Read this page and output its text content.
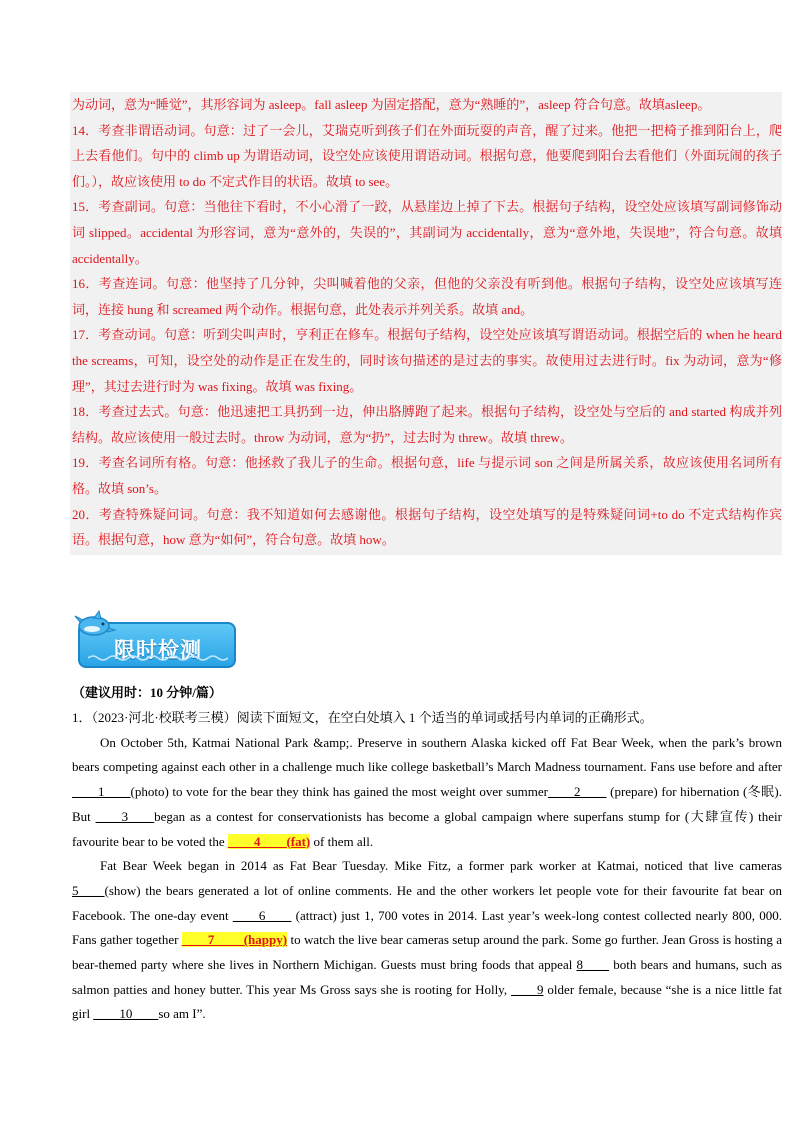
为动词，意为“睡觉”，其形容词为 asleep。fall asleep 为固定搭配，意为“熟睡的”，asleep 符合句意。故填asleep。

14．考查非谓语动词。句意：过了一会儿，艾瑞克听到孩子们在外面玩耍的声音，醒了过来。他把一把椅子推到阳台上，爬上去看他们。句中的 climb up 为谓语动词，设空处应该使用谓语动词。根据句意，他要爬到阳台去看他们（外面玩闹的孩子们。），故应该使用 to do 不定式作目的状语。故填 to see。

15．考查副词。句意：当他往下看时，不小心滑了一跤，从悬崖边上掉了下去。根据句子结构，设空处应该填写副词修饰动词 slipped。accidental 为形容词，意为“意外的，失误的”，其副词为 accidentally，意为“意外地，失误地”，符合句意。故填 accidentally。

16．考查连词。句意：他坚持了几分钟，尖叫喊着他的父亲，但他的父亲没有听到他。根据句子结构，设空处应该填写连词，连接 hung 和 screamed 两个动作。根据句意，此处表示并列关系。故填 and。

17．考查动词。句意：听到尖叫声时，亨利正在修车。根据句子结构，设空处应该填写谓语动词。根据空后的 when he heard the screams，可知，设空处的动作是正在发生的，同时该句描述的是过去的事实。故使用过去进行时。fix 为动词，意为“修理”，其过去进行时为 was fixing。故填 was fixing。

18．考查过去式。句意：他迅速把工具扔到一边，伸出胳膊跑了起来。根据句子结构，设空处与空后的 and started 构成并列结构。故应该使用一般过去时。throw 为动词，意为“扔”，过去时为 threw。故填 threw。

19．考查名词所有格。句意：他拯救了我儿子的生命。根据句意，life 与提示词 son 之间是所属关系，故应该使用名词所有格。故填 son’s。

20．考查特殊疑问词。句意：我不知道如何去感谢他。根据句子结构，设空处填写的是特殊疑问词+to do 不定式结构作宾语。根据句意，how 意为“如何”，符合句意。故填 how。

限时检测
（建议用时：10 分钟/篇）

1．（2023·河北·校联考三模）阅读下面短文，在空白处填入 1 个适当的单词或括号内单词的正确形式。

On October 5th, Katmai National Park &amp;. Preserve in southern Alaska kicked off Fat Bear Week, when the park’s brown bears competing against each other in a challenge much like college basketball’s March Madness tournament. Fans use before and after ____1____(photo) to vote for the bear they think has gained the most weight over summer____2____ (prepare) for hibernation (冬眠). But ____3____began as a contest for conservationists has become a global campaign where superfans stump for (大肆宣传) their favourite bear to be voted the ____4____(fat) of them all.

Fat Bear Week began in 2014 as Fat Bear Tuesday. Mike Fitz, a former park worker at Katmai, noticed that live cameras 5____(show) the bears generated a lot of online comments. He and the other workers let people vote for their favourite fat bear on Facebook. The one-day event ____6____ (attract) just 1, 700 votes in 2014. Last year’s week-long contest collected nearly 800, 000. Fans gather together ____7____ (happy) to watch the live bear cameras setup around the park. Some go further. Jean Gross is hosting a bear-themed party where she lives in Northern Michigan. Guests must bring foods that appeal 8____ both bears and humans, such as salmon patties and honey butter. This year Ms Gross says she is rooting for Holly, ____9 older female, because “she is a nice little fat girl ____10____so am I”.
